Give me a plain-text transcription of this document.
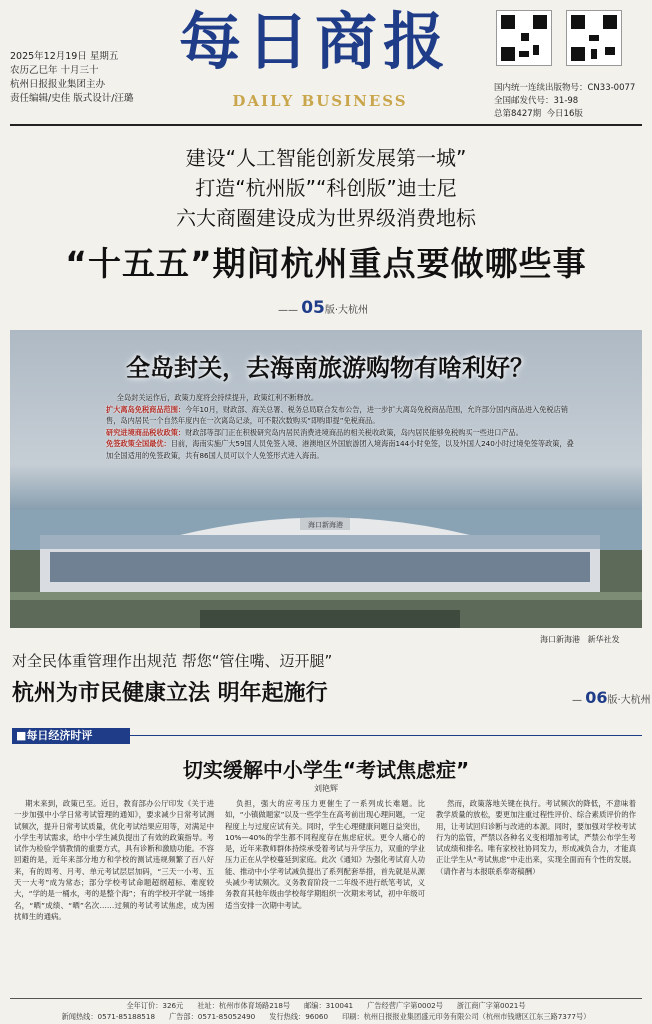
2025年12月19日 星期五
农历乙巳年 十月三十
杭州日报报业集团主办
责任编辑/史佳 版式设计/汪璐
每日商报
DAILY BUSINESS
国内统一连续出版物号：CN33-0077
全国邮发代号：31-98
总第8427期 今日16版
建设“人工智能创新发展第一城”
打造“杭州版”“科创版”迪士尼
六大商圈建设成为世界级消费地标
“十五五”期间杭州重点要做哪些事
—— 05版·大杭州
全岛封关，去海南旅游购物有啥利好？
全岛封关运作后，政策力度将会持续提升，政策红利不断释放。
扩大离岛免税商品范围：今年10月，财政部、海关总署、税务总局联合发布公告，进一步扩大离岛免税商品范围，允许部分国内商品进入免税店销售，岛内居民一个自然年度内在一次离岛记录，可不限次数购买“即购即提”免税商品。
研究进境商品税收政策：财政部等部门正在积极研究岛内居民消费进境商品的相关税收政策，岛内居民能够免税购买一些进口产品。
免签政策全国最优：目前，海南实施广大59国人员免签入境、港澳地区外国旅游团入境海南144小时免签，以及外国人240小时过境免签等政策，叠加全国适用的免签政策，共有86国人员可以个人免签形式进入海南。
海口新海港
海口新海港 新华社发
对全民体重管理作出规范 帮您“管住嘴、迈开腿”
杭州为市民健康立法 明年起施行	— 06版·大杭州
■每日经济时评
切实缓解中小学生“考试焦虑症”
刘艳辉
期末来到，政策已至。近日，教育部办公厅印发《关于进一步加强中小学日常考试管理的通知》，要求减少日常考试测试频次，提升日常考试质量，优化考试结果应用等，对满足中小学生考试需求，给中小学生减负提出了有效的政策指导。考试作为检验学情教情的重要方式，具有诊断和激励功能。不容回避的是，近年来部分地方和学校的测试违规频繁了百八好来，有的周考、月考、单元考试层层加码，“三天一小考、五天一大考”成为常态；部分学校考试命题超纲超标、难度较大，“学的是一桶水，考的是整个海”；有的学校开学就一场排名，“晒”成绩、“晒”名次……过频的考试考试焦虑，成为困扰师生的通病。
负担，强大的应考压力更催生了一系列成长难题。比如，“小镇做题家”以及一些学生在高考前出现心理问题，一定程度上与过度应试有关。同时，学生心理健康问题日益突出，10%—40%的学生都不同程度存在焦虑症状。更令人痛心的是，近年来教师群体持续承受着考试与升学压力，双重的学业压力正在从学校蔓延到家庭。此次《通知》为强化考试育人功能、推动中小学考试减负提出了系列配套举措，首先就是从源头减少考试频次。义务教育阶段一二年级不进行纸笔考试，义务教育其他年级由学校每学期组织一次期末考试，初中年级可适当安排一次期中考试。
然而，政策落地关键在执行。考试频次的降低，不意味着教学质量的放松，要更加注重过程性评价、综合素质评价的作用，让考试回归诊断与改进的本源。同时，要加强对学校考试行为的监管，严禁以各种名义变相增加考试，严禁公布学生考试成绩和排名。唯有家校社协同发力，形成减负合力，才能真正让学生从“考试焦虑”中走出来，实现全面而有个性的发展。（请作者与本报联系奉寄稿酬）
全年订价：326元 社址：杭州市体育场路218号 邮编：310041 广告经营广字第0002号 浙江商广字第0021号
新闻热线：0571-85188518 广告部：0571-85052490 发行热线：96060 印刷：杭州日报报业集团盛元印务有限公司（杭州市钱塘区江东三路7377号）
